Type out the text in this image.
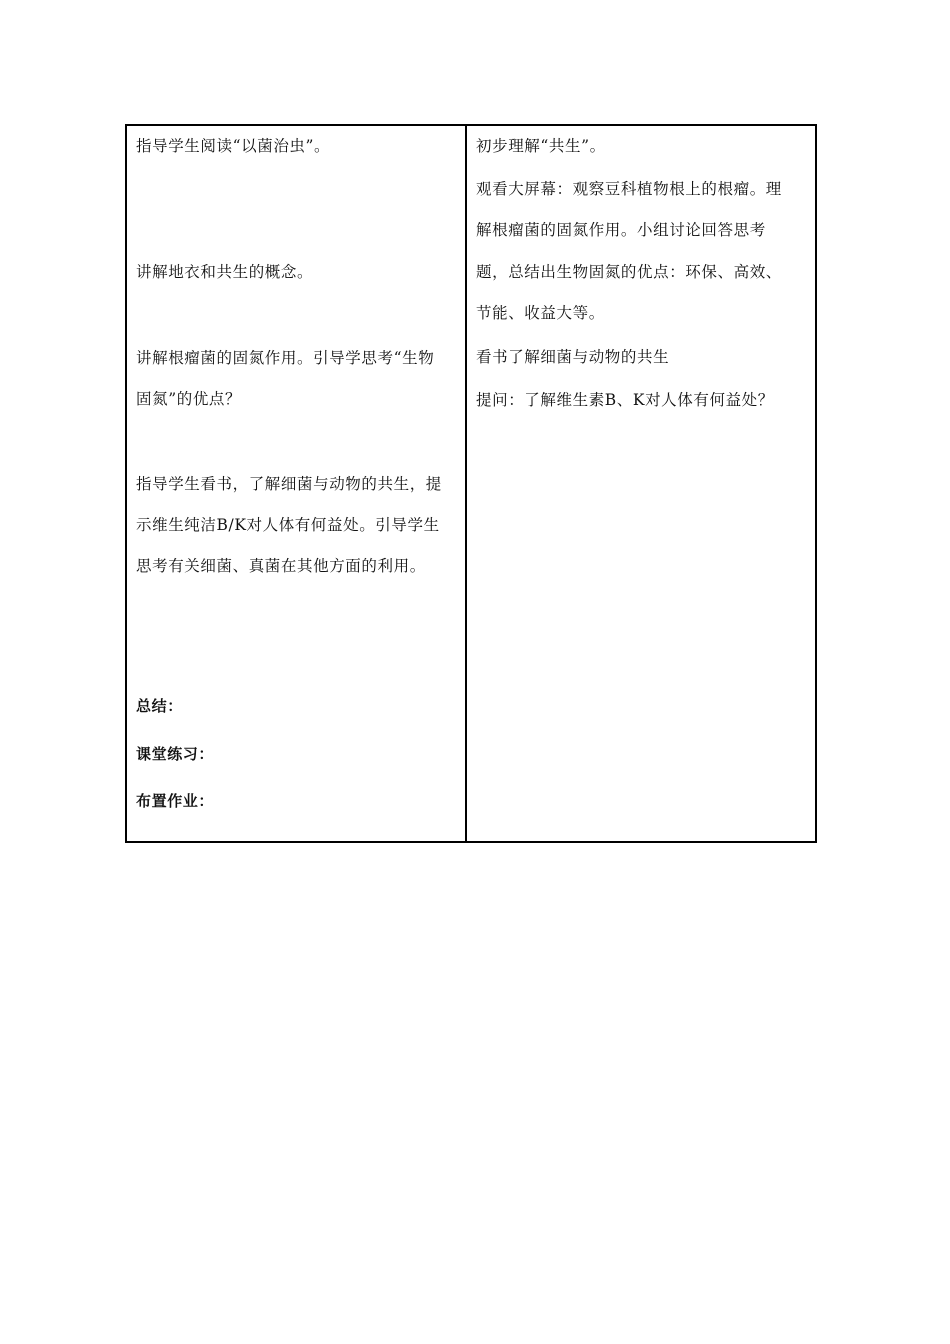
指导学生阅读“以菌治虫”。

讲解地衣和共生的概念。

讲解根瘤菌的固氮作用。引导学思考“生物

固氮”的优点？

指导学生看书，了解细菌与动物的共生，提

示维生纯洁B/K对人体有何益处。引导学生

思考有关细菌、真菌在其他方面的利用。

总结：

课堂练习：

布置作业：

初步理解“共生”。

观看大屏幕：观察豆科植物根上的根瘤。理

解根瘤菌的固氮作用。小组讨论回答思考

题，总结出生物固氮的优点：环保、高效、

节能、收益大等。

看书了解细菌与动物的共生

提问：了解维生素B、K对人体有何益处？
